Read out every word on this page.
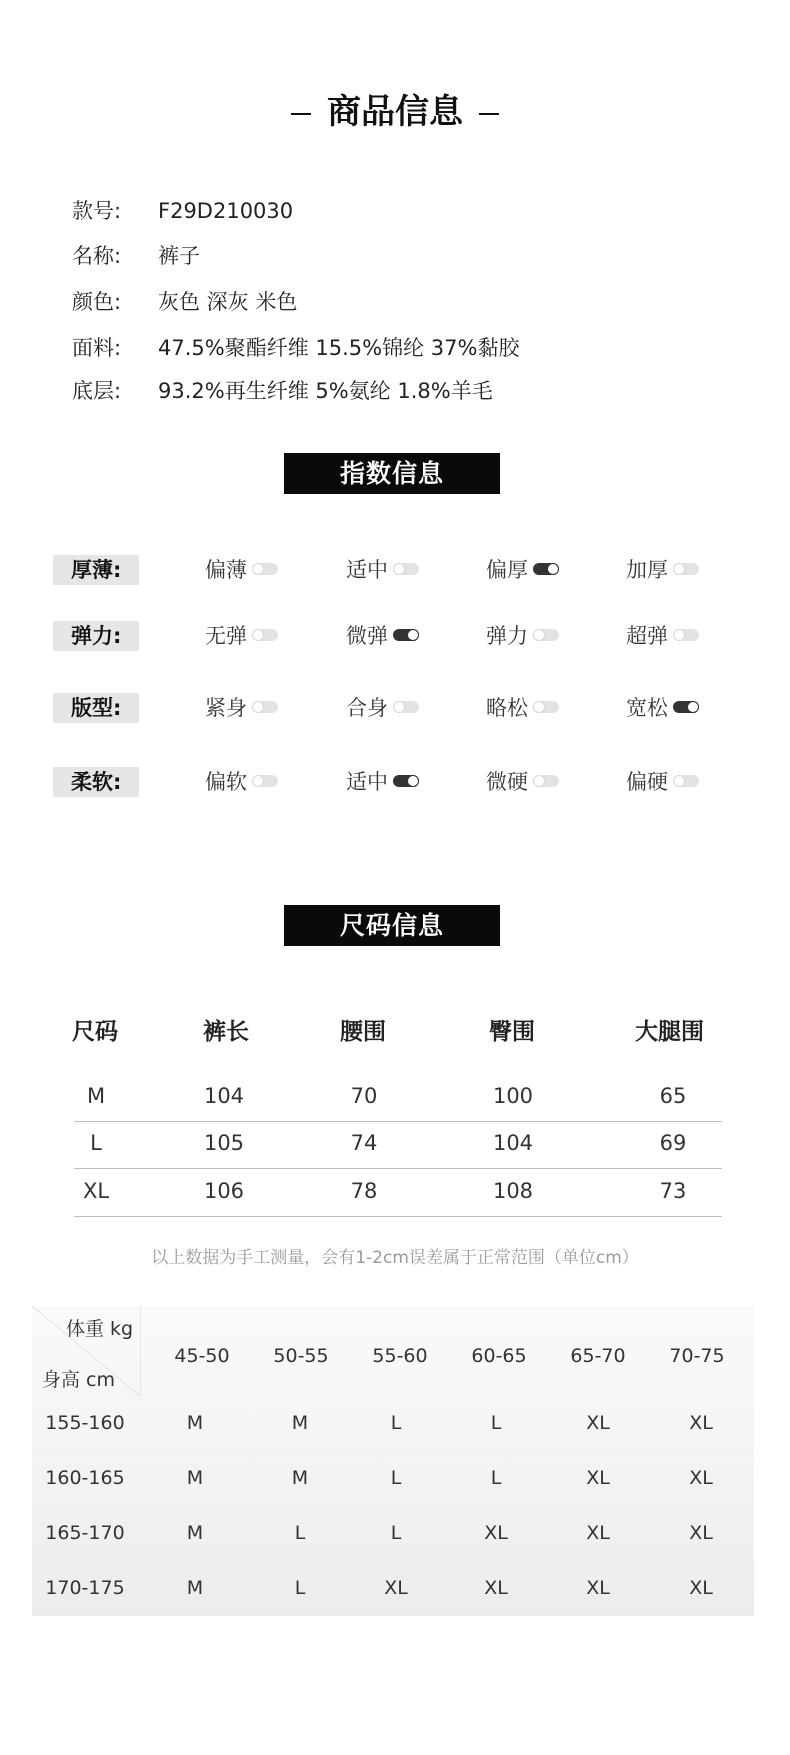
商品信息
款号: F29D210030
名称: 裤子
颜色: 灰色 深灰 米色
面料: 47.5%聚酯纤维 15.5%锦纶 37%黏胶
底层: 93.2%再生纤维 5%氨纶 1.8%羊毛
指数信息
厚薄:	偏薄	适中	偏厚	加厚
弹力:	无弹	微弹	弹力	超弹
版型:	紧身	合身	略松	宽松
柔软:	偏软	适中	微硬	偏硬
尺码信息
尺码	裤长	腰围	臀围	大腿围
M	104	70	100	65
L	105	74	104	69
XL	106	78	108	73
以上数据为手工测量，会有1-2cm误差属于正常范围（单位cm）
体重 kg
身高 cm
45-50	50-55	55-60	60-65	65-70	70-75
155-160	M	M	L	L	XL	XL
160-165	M	M	L	L	XL	XL
165-170	M	L	L	XL	XL	XL
170-175	M	L	XL	XL	XL	XL
